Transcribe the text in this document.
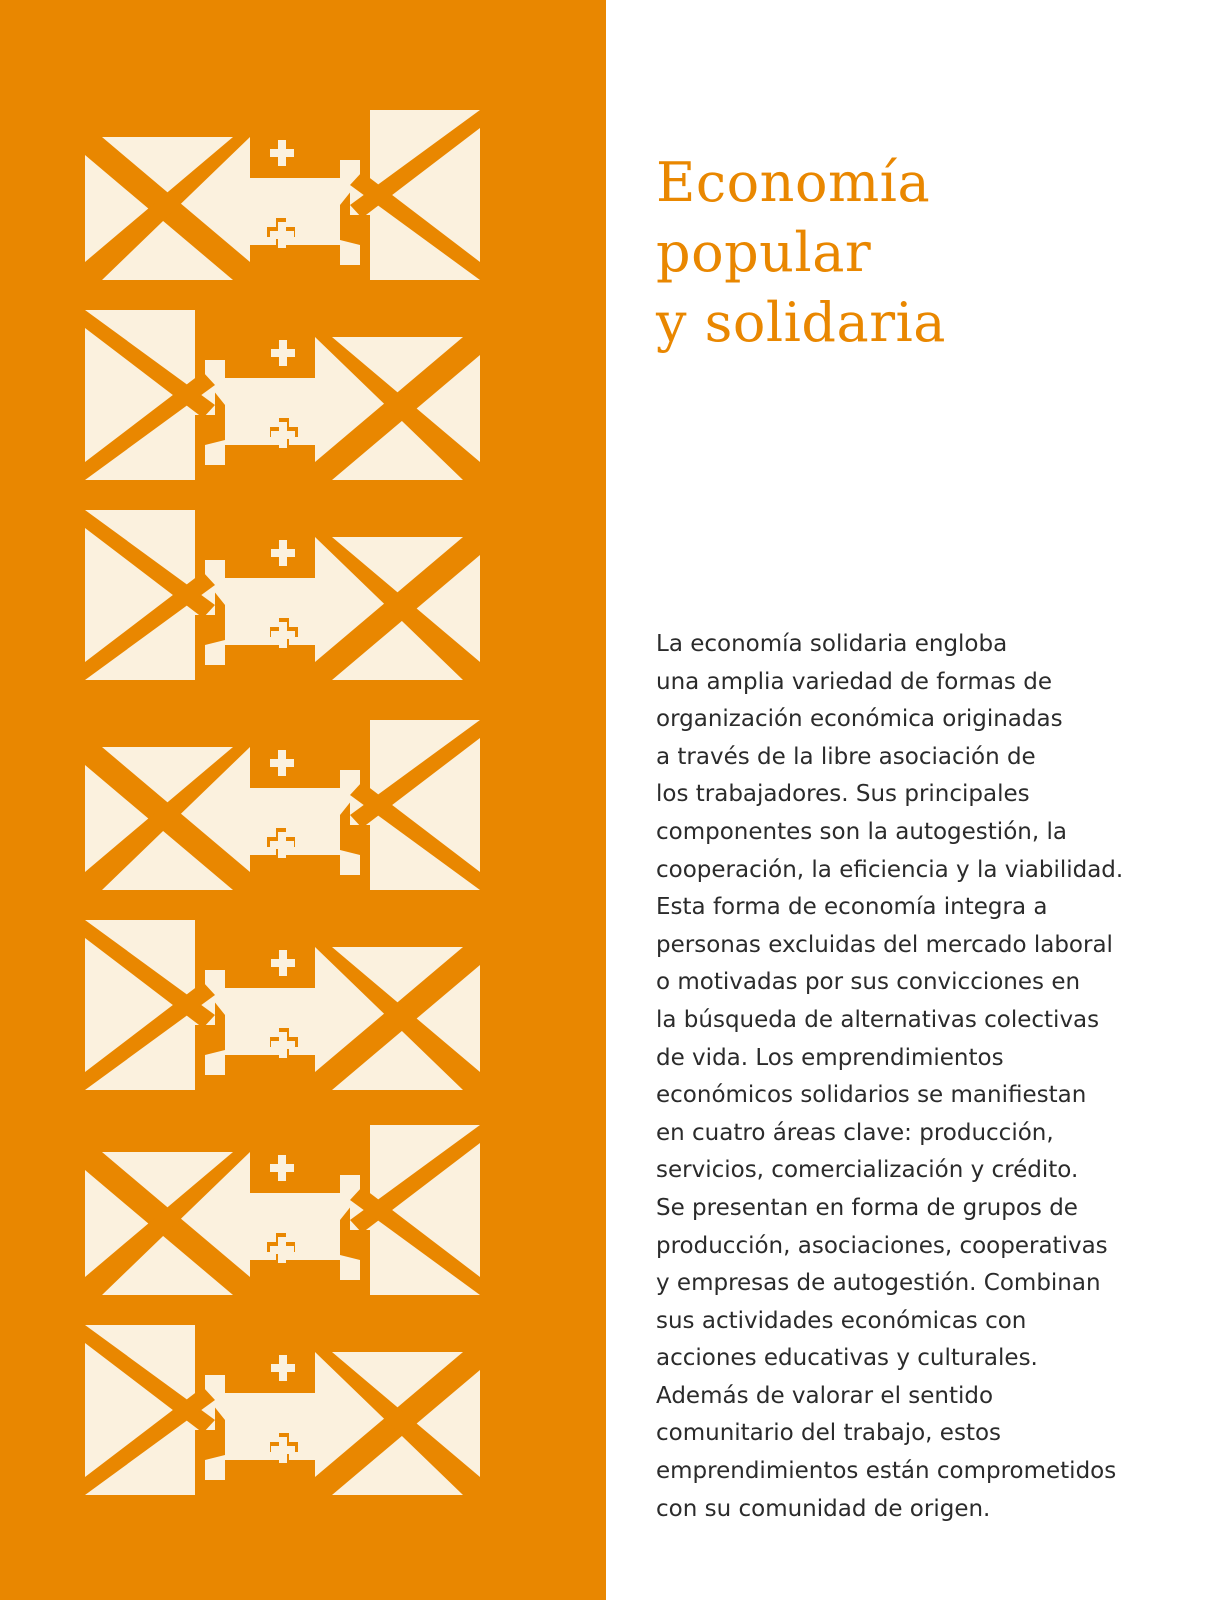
Economía
popular
y solidaria

La economía solidaria engloba
una amplia variedad de formas de
organización económica originadas
a través de la libre asociación de
los trabajadores. Sus principales
componentes son la autogestión, la
cooperación, la eficiencia y la viabilidad.
Esta forma de economía integra a
personas excluidas del mercado laboral
o motivadas por sus convicciones en
la búsqueda de alternativas colectivas
de vida. Los emprendimientos
económicos solidarios se manifiestan
en cuatro áreas clave: producción,
servicios, comercialización y crédito.
Se presentan en forma de grupos de
producción, asociaciones, cooperativas
y empresas de autogestión. Combinan
sus actividades económicas con
acciones educativas y culturales.
Además de valorar el sentido
comunitario del trabajo, estos
emprendimientos están comprometidos
con su comunidad de origen.
